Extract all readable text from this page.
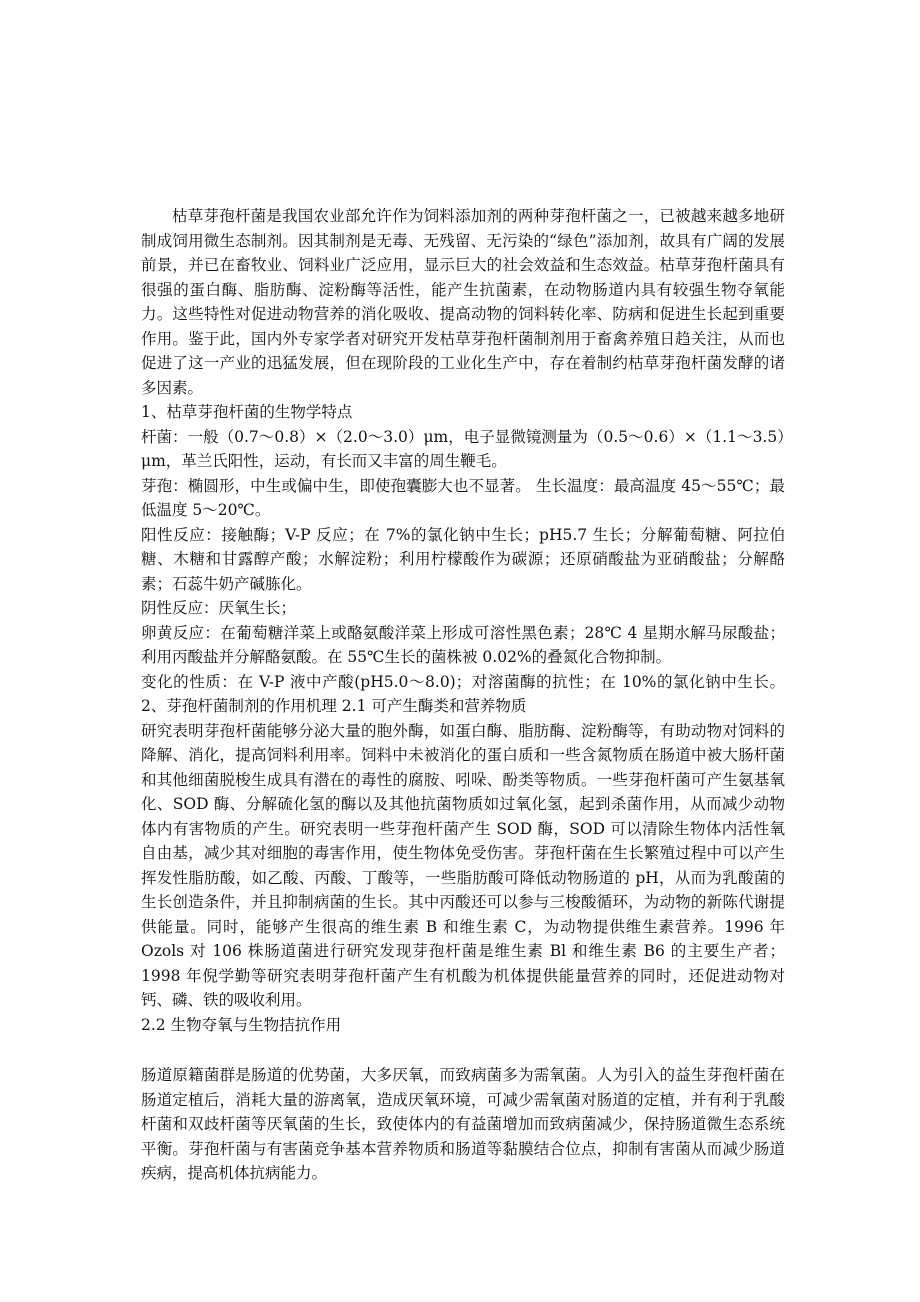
枯草芽孢杆菌是我国农业部允许作为饲料添加剂的两种芽孢杆菌之一，已被越来越多地研制成饲用微生态制剂。因其制剂是无毒、无残留、无污染的“绿色”添加剂，故具有广阔的发展前景，并已在畜牧业、饲料业广泛应用，显示巨大的社会效益和生态效益。枯草芽孢杆菌具有很强的蛋白酶、脂肪酶、淀粉酶等活性，能产生抗菌素，在动物肠道内具有较强生物夺氧能力。这些特性对促进动物营养的消化吸收、提高动物的饲料转化率、防病和促进生长起到重要作用。鉴于此，国内外专家学者对研究开发枯草芽孢杆菌制剂用于畜禽养殖日趋关注，从而也促进了这一产业的迅猛发展，但在现阶段的工业化生产中，存在着制约枯草芽孢杆菌发酵的诸多因素。

1、枯草芽孢杆菌的生物学特点

杆菌：一般（0.7～0.8）×（2.0～3.0）μm，电子显微镜测量为（0.5～0.6）×（1.1～3.5）μm，革兰氏阳性，运动，有长而又丰富的周生鞭毛。

芽孢：椭圆形，中生或偏中生，即使孢囊膨大也不显著。 生长温度：最高温度 45～55℃；最低温度 5～20℃。

阳性反应：接触酶；V-P 反应；在 7%的氯化钠中生长；pH5.7 生长；分解葡萄糖、阿拉伯糖、木糖和甘露醇产酸；水解淀粉；利用柠檬酸作为碳源；还原硝酸盐为亚硝酸盐；分解酪素；石蕊牛奶产碱胨化。

阴性反应：厌氧生长；

卵黄反应：在葡萄糖洋菜上或酪氨酸洋菜上形成可溶性黑色素；28℃ 4 星期水解马尿酸盐；利用丙酸盐并分解酪氨酸。在 55℃生长的菌株被 0.02%的叠氮化合物抑制。

变化的性质：在 V-P 液中产酸(pH5.0～8.0)；对溶菌酶的抗性；在 10%的氯化钠中生长。2、芽孢杆菌制剂的作用机理 2.1 可产生酶类和营养物质

研究表明芽孢杆菌能够分泌大量的胞外酶，如蛋白酶、脂肪酶、淀粉酶等，有助动物对饲料的降解、消化，提高饲料利用率。饲料中未被消化的蛋白质和一些含氮物质在肠道中被大肠杆菌和其他细菌脱梭生成具有潜在的毒性的腐胺、吲哚、酚类等物质。一些芽孢杆菌可产生氨基氧化、SOD 酶、分解硫化氢的酶以及其他抗菌物质如过氧化氢，起到杀菌作用，从而减少动物体内有害物质的产生。研究表明一些芽孢杆菌产生 SOD 酶，SOD 可以清除生物体内活性氧自由基，减少其对细胞的毒害作用，使生物体免受伤害。芽孢杆菌在生长繁殖过程中可以产生挥发性脂肪酸，如乙酸、丙酸、丁酸等，一些脂肪酸可降低动物肠道的 pH，从而为乳酸菌的生长创造条件，并且抑制病菌的生长。其中丙酸还可以参与三梭酸循环，为动物的新陈代谢提供能量。同时，能够产生很高的维生素 B 和维生素 C，为动物提供维生素营养。1996 年 Ozols 对 106 株肠道菌进行研究发现芽孢杆菌是维生素 Bl 和维生素 B6 的主要生产者；1998 年倪学勤等研究表明芽孢杆菌产生有机酸为机体提供能量营养的同时，还促进动物对钙、磷、铁的吸收利用。

2.2 生物夺氧与生物拮抗作用

肠道原籍菌群是肠道的优势菌，大多厌氧，而致病菌多为需氧菌。人为引入的益生芽孢杆菌在肠道定植后，消耗大量的游离氧，造成厌氧环境，可减少需氧菌对肠道的定植，并有利于乳酸杆菌和双歧杆菌等厌氧菌的生长，致使体内的有益菌增加而致病菌减少，保持肠道微生态系统平衡。芽孢杆菌与有害菌竞争基本营养物质和肠道等黏膜结合位点，抑制有害菌从而减少肠道疾病，提高机体抗病能力。
